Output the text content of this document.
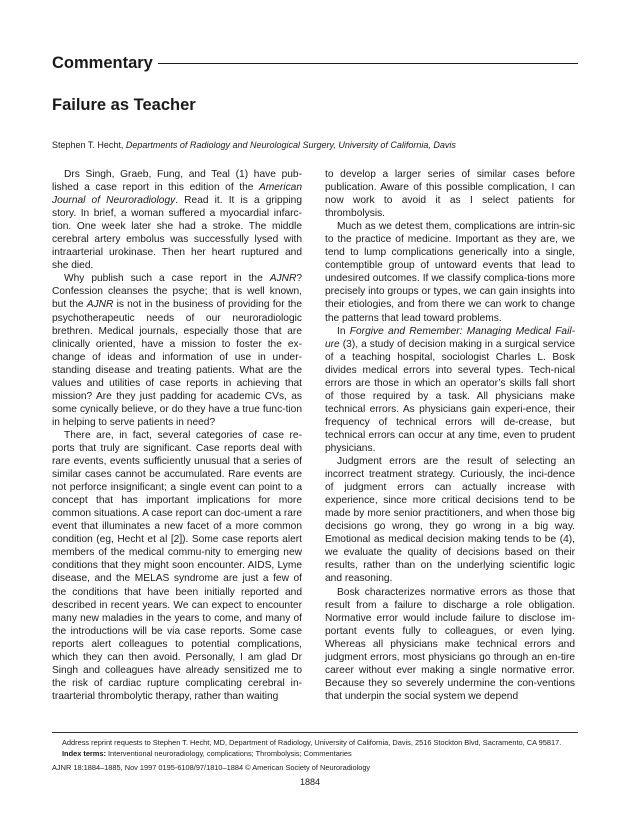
Commentary
Failure as Teacher
Stephen T. Hecht, Departments of Radiology and Neurological Surgery, University of California, Davis

Drs Singh, Graeb, Fung, and Teal (1) have pub-lished a case report in this edition of the American Journal of Neuroradiology. Read it. It is a gripping story. In brief, a woman suffered a myocardial infarc-tion. One week later she had a stroke. The middle cerebral artery embolus was successfully lysed with intraarterial urokinase. Then her heart ruptured and she died.

Why publish such a case report in the AJNR? Confession cleanses the psyche; that is well known, but the AJNR is not in the business of providing for the psychotherapeutic needs of our neuroradiologic brethren. Medical journals, especially those that are clinically oriented, have a mission to foster the ex-change of ideas and information of use in under-standing disease and treating patients. What are the values and utilities of case reports in achieving that mission? Are they just padding for academic CVs, as some cynically believe, or do they have a true func-tion in helping to serve patients in need?

There are, in fact, several categories of case re-ports that truly are significant. Case reports deal with rare events, events sufficiently unusual that a series of similar cases cannot be accumulated. Rare events are not perforce insignificant; a single event can point to a concept that has important implications for more common situations. A case report can doc-ument a rare event that illuminates a new facet of a more common condition (eg, Hecht et al [2]). Some case reports alert members of the medical commu-nity to emerging new conditions that they might soon encounter. AIDS, Lyme disease, and the MELAS syndrome are just a few of the conditions that have been initially reported and described in recent years. We can expect to encounter many new maladies in the years to come, and many of the introductions will be via case reports. Some case reports alert colleagues to potential complications, which they can then avoid. Personally, I am glad Dr Singh and colleagues have already sensitized me to the risk of cardiac rupture complicating cerebral in-traarterial thrombolytic therapy, rather than waiting

to develop a larger series of similar cases before publication. Aware of this possible complication, I can now work to avoid it as I select patients for thrombolysis.

Much as we detest them, complications are intrin-sic to the practice of medicine. Important as they are, we tend to lump complications generically into a single, contemptible group of untoward events that lead to undesired outcomes. If we classify complica-tions more precisely into groups or types, we can gain insights into their etiologies, and from there we can work to change the patterns that lead toward problems.

In Forgive and Remember: Managing Medical Fail-ure (3), a study of decision making in a surgical service of a teaching hospital, sociologist Charles L. Bosk divides medical errors into several types. Tech-nical errors are those in which an operator’s skills fall short of those required by a task. All physicians make technical errors. As physicians gain experi-ence, their frequency of technical errors will de-crease, but technical errors can occur at any time, even to prudent physicians.

Judgment errors are the result of selecting an incorrect treatment strategy. Curiously, the inci-dence of judgment errors can actually increase with experience, since more critical decisions tend to be made by more senior practitioners, and when those big decisions go wrong, they go wrong in a big way. Emotional as medical decision making tends to be (4), we evaluate the quality of decisions based on their results, rather than on the underlying scientific logic and reasoning.

Bosk characterizes normative errors as those that result from a failure to discharge a role obligation. Normative error would include failure to disclose im-portant events fully to colleagues, or even lying. Whereas all physicians make technical errors and judgment errors, most physicians go through an en-tire career without ever making a single normative error. Because they so severely undermine the con-ventions that underpin the social system we depend

Address reprint requests to Stephen T. Hecht, MD, Department of Radiology, University of California, Davis, 2516 Stockton Blvd, Sacramento, CA 95817.

Index terms: Interventional neuroradiology, complications; Thrombolysis; Commentaries

AJNR 18:1884–1885, Nov 1997 0195-6108/97/1810–1884 © American Society of Neuroradiology
1884
